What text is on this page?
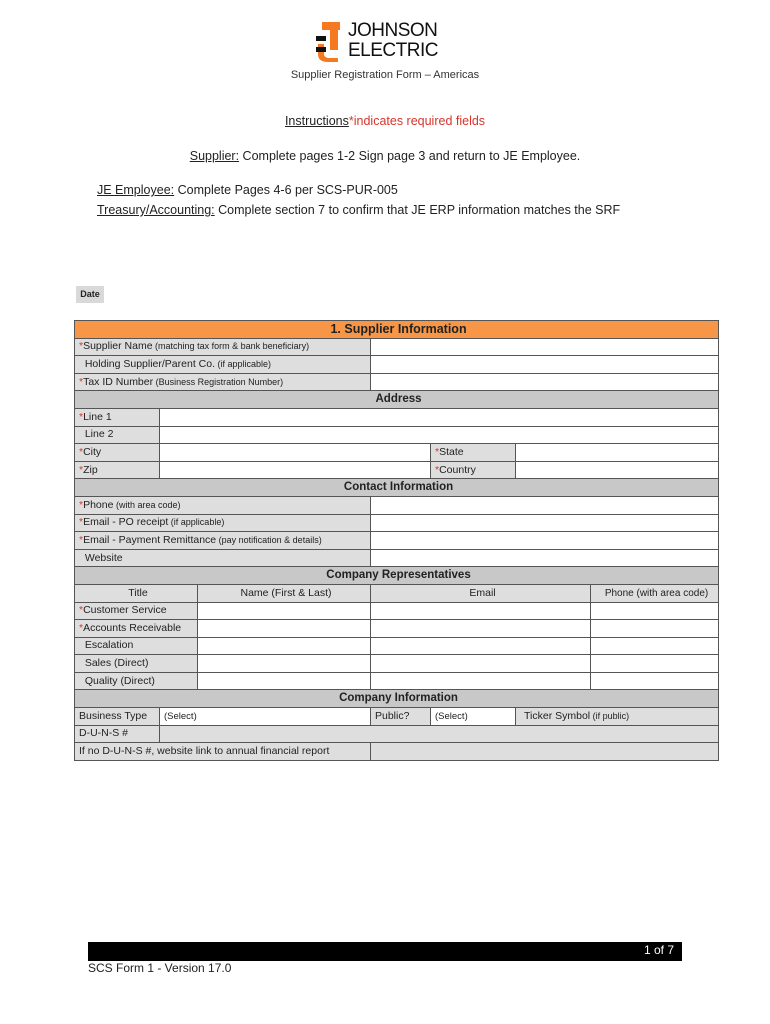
JOHNSON
ELECTRIC
Supplier Registration Form – Americas
Instructions*indicates required fields
Supplier: Complete pages 1-2 Sign page 3 and return to JE Employee.
JE Employee: Complete Pages 4-6 per SCS-PUR-005
Treasury/Accounting: Complete section 7 to confirm that JE ERP information matches the SRF
Date
1. Supplier Information						
*Supplier Name (matching tax form & bank beneficiary)						
Holding Supplier/Parent Co. (if applicable)						
*Tax ID Number (Business Registration Number)						
Address						
*Line 1						
Line 2						
*City				*State		
*Zip				*Country		
Contact Information						
*Phone (with area code)						
*Email - PO receipt (if applicable)						
*Email - Payment Remittance (pay notification & details)						
Website						
Company Representatives						
Title		Name (First & Last)	Email			Phone (with area code)
*Customer Service						
*Accounts Receivable						
Escalation						
Sales (Direct)						
Quality (Direct)						
Company Information						
Business Type	(Select)		Public?	(Select)	Ticker Symbol (if public)	
D-U-N-S #						
If no D-U-N-S #, website link to annual financial report						
1 of 7
SCS Form 1 - Version 17.0
